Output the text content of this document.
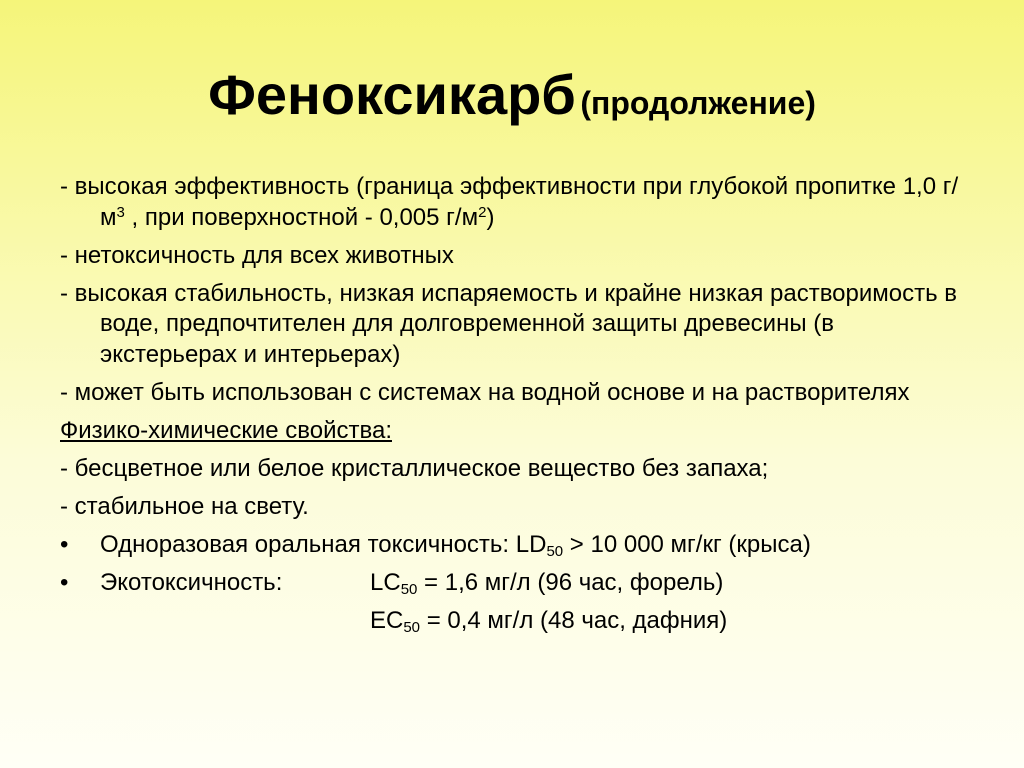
Феноксикарб (продолжение)
- высокая эффективность (граница эффективности при глубокой пропитке 1,0 $г/м^3$ , при поверхностной - 0,005 $г/м^2$)
- нетоксичность для всех животных
- высокая стабильность, низкая испаряемость и крайне низкая растворимость в воде, предпочтителен для долговременной защиты древесины (в экстерьерах и интерьерах)
- может быть использован с системах на водной основе и на растворителях
Физико-химические свойства:
- бесцветное или белое кристаллическое вещество без запаха;
- стабильное на свету.
•	Одноразовая оральная токсичность: $LD_{50} > 10$ 000 мг/кг (крыса)
•	Экотоксичность:	$LC_{50} = 1,6$ мг/л (96 час, форель)
$EC_{50} = 0,4$ мг/л (48 час, дафния)
